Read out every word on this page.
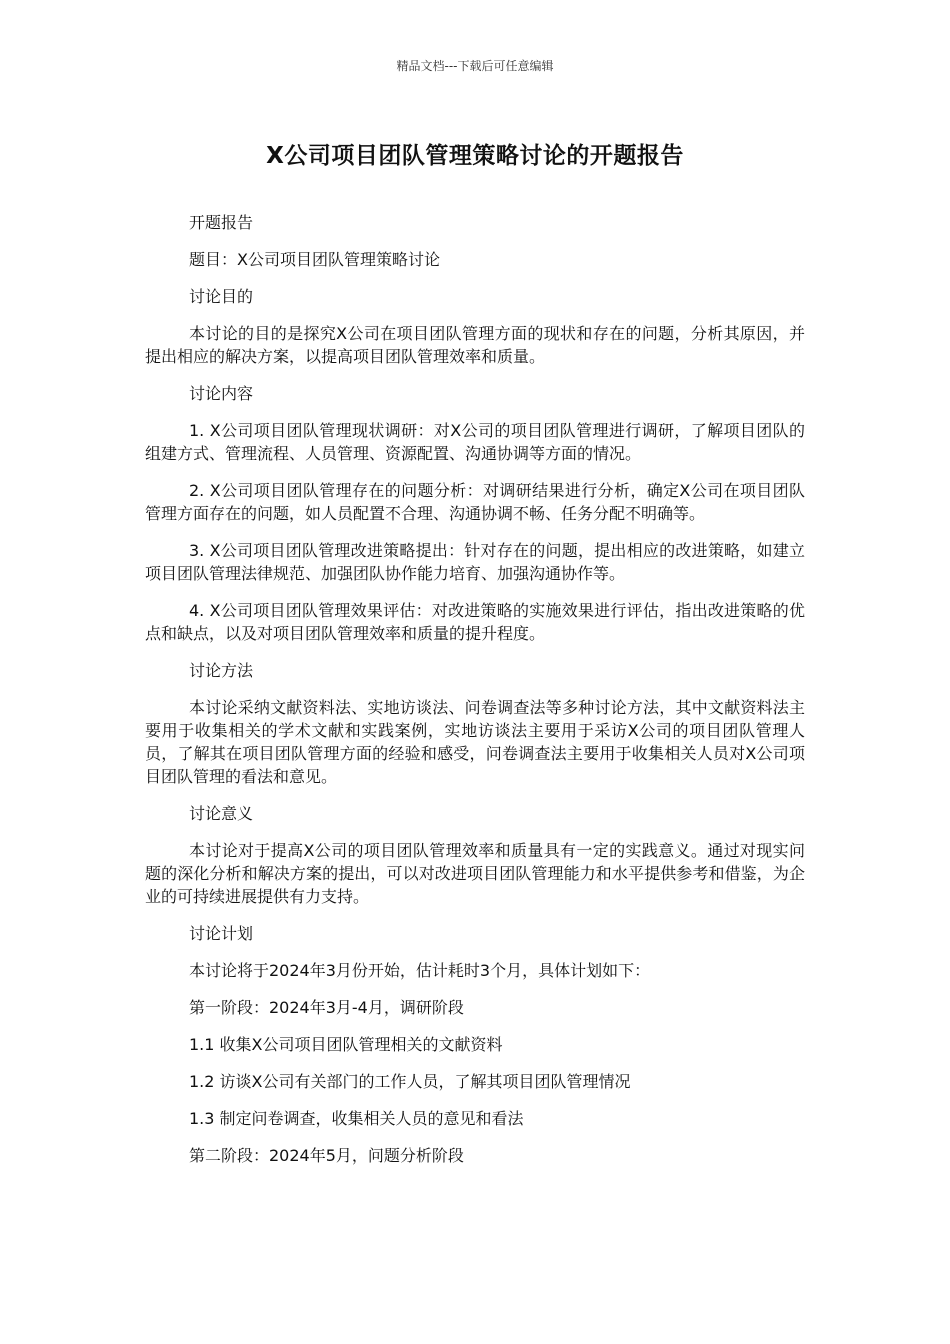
精品文档---下载后可任意编辑
X公司项目团队管理策略讨论的开题报告

开题报告

题目：X公司项目团队管理策略讨论

讨论目的

本讨论的目的是探究X公司在项目团队管理方面的现状和存在的问题，分析其原因，并提出相应的解决方案，以提高项目团队管理效率和质量。

讨论内容

1. X公司项目团队管理现状调研：对X公司的项目团队管理进行调研，了解项目团队的组建方式、管理流程、人员管理、资源配置、沟通协调等方面的情况。

2. X公司项目团队管理存在的问题分析：对调研结果进行分析，确定X公司在项目团队管理方面存在的问题，如人员配置不合理、沟通协调不畅、任务分配不明确等。

3. X公司项目团队管理改进策略提出：针对存在的问题，提出相应的改进策略，如建立项目团队管理法律规范、加强团队协作能力培育、加强沟通协作等。

4. X公司项目团队管理效果评估：对改进策略的实施效果进行评估，指出改进策略的优点和缺点，以及对项目团队管理效率和质量的提升程度。

讨论方法

本讨论采纳文献资料法、实地访谈法、问卷调查法等多种讨论方法，其中文献资料法主要用于收集相关的学术文献和实践案例，实地访谈法主要用于采访X公司的项目团队管理人员，了解其在项目团队管理方面的经验和感受，问卷调查法主要用于收集相关人员对X公司项目团队管理的看法和意见。

讨论意义

本讨论对于提高X公司的项目团队管理效率和质量具有一定的实践意义。通过对现实问题的深化分析和解决方案的提出，可以对改进项目团队管理能力和水平提供参考和借鉴，为企业的可持续进展提供有力支持。

讨论计划

本讨论将于2024年3月份开始，估计耗时3个月，具体计划如下：

第一阶段：2024年3月-4月，调研阶段

1.1 收集X公司项目团队管理相关的文献资料

1.2 访谈X公司有关部门的工作人员，了解其项目团队管理情况

1.3 制定问卷调查，收集相关人员的意见和看法

第二阶段：2024年5月，问题分析阶段
